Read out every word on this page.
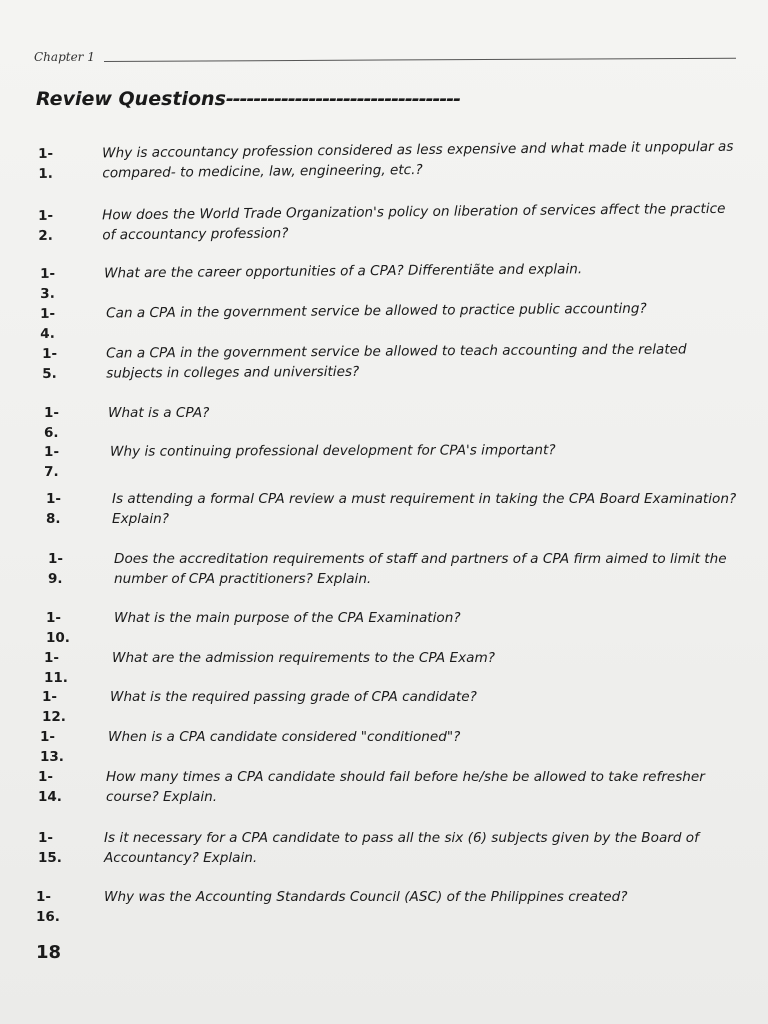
Chapter 1
Review Questions----------------------------------
1-1.
Why is accountancy profession considered as less expensive and what made it unpopular as compared- to medicine, law, engineering, etc.?
1-2.
How does the World Trade Organization's policy on liberation of services affect the practice of accountancy profession?
1-3.
What are the career opportunities of a CPA? Differentiãte and explain.
1-4.
Can a CPA in the government service be allowed to practice public accounting?
1-5.
Can a CPA in the government service be allowed to teach accounting and the related subjects in colleges and universities?
1-6.
What is a CPA?
1-7.
Why is continuing professional development for CPA's important?
1-8.
Is attending a formal CPA review a must requirement in taking the CPA Board Examination? Explain?
1- 9.
Does the accreditation requirements of staff and partners of a CPA firm aimed to limit the number of CPA practitioners? Explain.
1-10.
What is the main purpose of the CPA Examination?
1-11.
What are the admission requirements to the CPA Exam?
1-12.
What is the required passing grade of CPA candidate?
1-13.
When is a CPA candidate considered "conditioned"?
1-14.
How many times a CPA candidate should fail before he/she be allowed to take refresher course? Explain.
1-15.
Is it necessary for a CPA candidate to pass all the six (6) subjects given by the Board of Accountancy? Explain.
1-16.
Why was the Accounting Standards Council (ASC) of the Philippines created?
18
